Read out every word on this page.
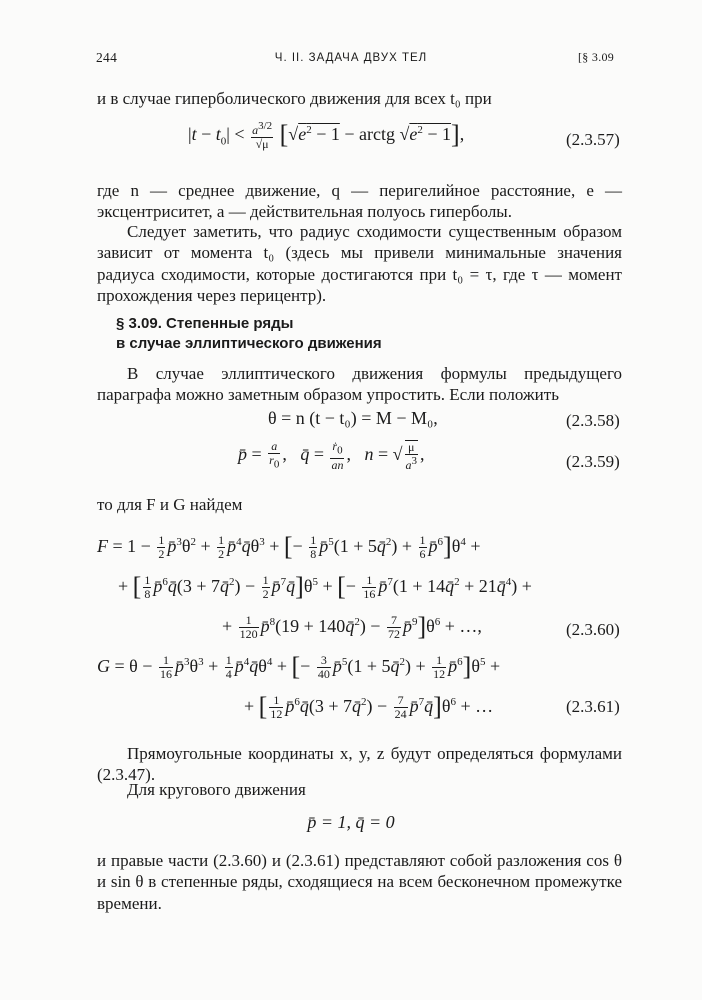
244	Ч. II. ЗАДАЧА ДВУХ ТЕЛ	[§ 3.09
и в случае гиперболического движения для всех t₀ при
$|t - t_0| < \frac{a^{3/2}}{√\mu} [√e^2 - 1$ − arctg $√e^2 - 1$],	(2.3.57)
где n — среднее движение, q — перигелийное расстояние, e — эксцентриситет, a — действительная полуось гиперболы.
Следует заметить, что радиус сходимости существенным образом зависит от момента t₀ (здесь мы привели минимальные значения радиуса сходимости, которые достигаются при t₀ = τ, где τ — момент прохождения через перицентр).
§ 3.09. Степенные ряды
в случае эллиптического движения
В случае эллиптического движения формулы предыдущего параграфа можно заметным образом упростить. Если положить
θ = n (t − t₀) = M − M₀,	(2.3.58)
p̄ = $\frac{a}{r_0}$ ,   q̄ = $\frac{ṙ_0}{an}$ ,   n = √ $\frac{\mu}{a^3}$ ,	(2.3.59)
то для F и G найдем
$F = 1 - \frac{1}{2}$ $p̄^3\theta^2 + \frac{1}{2}$ $p̄^4q̄\theta^3$ + [− $\frac{1}{8}$ p̄$^5$(1 + 5q̄$^2$) + $\frac{1}{6}$ $p̄^6]\theta^4$ +
+ [ $\frac{1}{8}$ p̄$^6$q̄(3 + 7q̄$^2$) − $\frac{1}{2}$ $p̄^7q̄]\theta^5$ + [− $\frac{1}{16}$ p̄$^7$(1 + 14q̄$^2$ + 21q̄$^4$) +
+ $\frac{1}{120}$ p̄$^8$(19 + 140q̄$^2$) − $\frac{7}{72}$ $p̄^9]\theta^6$ + …,	(2.3.60)
$G = \theta - \frac{1}{16}$ $p̄^3\theta^3 + \frac{1}{4}$ $p̄^4q̄\theta^4$ + [− $\frac{3}{40}$ p̄$^5$(1 + 5q̄$^2$) + $\frac{1}{12}$ $p̄^6]\theta^5$ +
+ [ $\frac{1}{12}$ p̄$^6$q̄(3 + 7q̄$^2$) − $\frac{7}{24}$ $p̄^7q̄]\theta^6$ + …	(2.3.61)
Прямоугольные координаты x, y, z будут определяться формулами (2.3.47).
Для кругового движения
p̄ = 1, q̄ = 0
и правые части (2.3.60) и (2.3.61) представляют собой разложения cos θ и sin θ в степенные ряды, сходящиеся на всем бесконечном промежутке времени.
